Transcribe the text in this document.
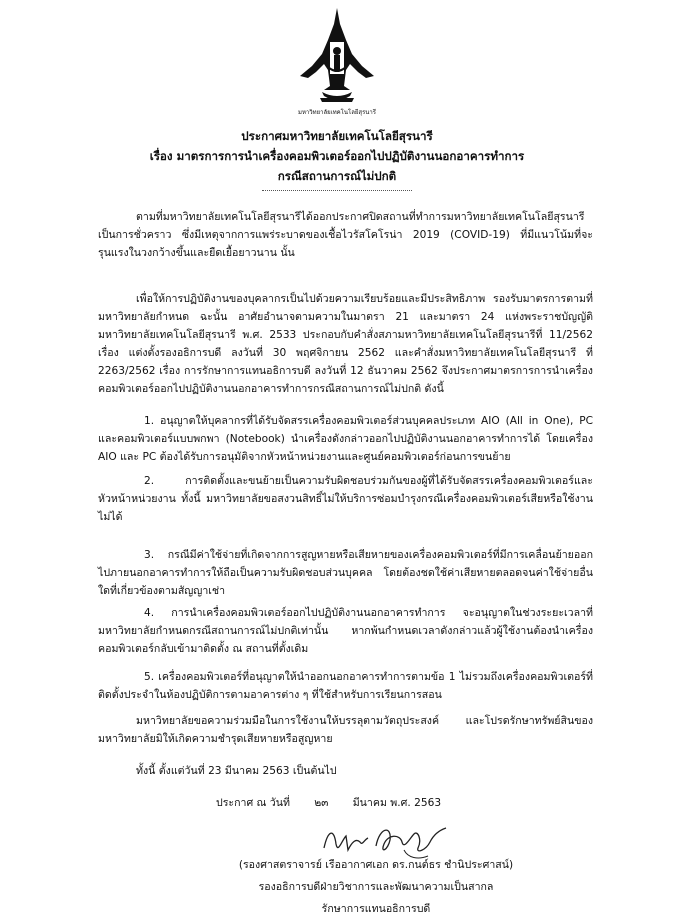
มหาวิทยาลัยเทคโนโลยีสุรนารี
ประกาศมหาวิทยาลัยเทคโนโลยีสุรนารี
เรื่อง มาตรการการนำเครื่องคอมพิวเตอร์ออกไปปฏิบัติงานนอกอาคารทำการ
กรณีสถานการณ์ไม่ปกติ

ตามที่มหาวิทยาลัยเทคโนโลยีสุรนารีได้ออกประกาศปิดสถานที่ทำการมหาวิทยาลัยเทคโนโลยีสุรนารีเป็นการชั่วคราว ซึ่งมีเหตุจากการแพร่ระบาดของเชื้อไวรัสโคโรน่า 2019 (COVID-19) ที่มีแนวโน้มที่จะรุนแรงในวงกว้างขึ้นและยืดเยื้อยาวนาน นั้น

เพื่อให้การปฏิบัติงานของบุคลากรเป็นไปด้วยความเรียบร้อยและมีประสิทธิภาพ รองรับมาตรการตามที่มหาวิทยาลัยกำหนด ฉะนั้น อาศัยอำนาจตามความในมาตรา 21 และมาตรา 24 แห่งพระราชบัญญัติมหาวิทยาลัยเทคโนโลยีสุรนารี พ.ศ. 2533 ประกอบกับคำสั่งสภามหาวิทยาลัยเทคโนโลยีสุรนารีที่ 11/2562 เรื่อง แต่งตั้งรองอธิการบดี ลงวันที่ 30 พฤศจิกายน 2562 และคำสั่งมหาวิทยาลัยเทคโนโลยีสุรนารี ที่ 2263/2562 เรื่อง การรักษาการแทนอธิการบดี ลงวันที่ 12 ธันวาคม 2562 จึงประกาศมาตรการการนำเครื่องคอมพิวเตอร์ออกไปปฏิบัติงานนอกอาคารทำการกรณีสถานการณ์ไม่ปกติ ดังนี้

1. อนุญาตให้บุคลากรที่ได้รับจัดสรรเครื่องคอมพิวเตอร์ส่วนบุคคลประเภท AIO (All in One), PC และคอมพิวเตอร์แบบพกพา (Notebook) นำเครื่องดังกล่าวออกไปปฏิบัติงานนอกอาคารทำการได้ โดยเครื่อง AIO และ PC ต้องได้รับการอนุมัติจากหัวหน้าหน่วยงานและศูนย์คอมพิวเตอร์ก่อนการขนย้าย

2. การติดตั้งและขนย้ายเป็นความรับผิดชอบร่วมกันของผู้ที่ได้รับจัดสรรเครื่องคอมพิวเตอร์และหัวหน้าหน่วยงาน ทั้งนี้ มหาวิทยาลัยขอสงวนสิทธิ์ไม่ให้บริการซ่อมบำรุงกรณีเครื่องคอมพิวเตอร์เสียหรือใช้งานไม่ได้

3. กรณีมีค่าใช้จ่ายที่เกิดจากการสูญหายหรือเสียหายของเครื่องคอมพิวเตอร์ที่มีการเคลื่อนย้ายออกไปภายนอกอาคารทำการให้ถือเป็นความรับผิดชอบส่วนบุคคล โดยต้องชดใช้ค่าเสียหายตลอดจนค่าใช้จ่ายอื่นใดที่เกี่ยวข้องตามสัญญาเช่า

4. การนำเครื่องคอมพิวเตอร์ออกไปปฏิบัติงานนอกอาคารทำการ จะอนุญาตในช่วงระยะเวลาที่มหาวิทยาลัยกำหนดกรณีสถานการณ์ไม่ปกติเท่านั้น หากพ้นกำหนดเวลาดังกล่าวแล้วผู้ใช้งานต้องนำเครื่องคอมพิวเตอร์กลับเข้ามาติดตั้ง ณ สถานที่ตั้งเดิม

5. เครื่องคอมพิวเตอร์ที่อนุญาตให้นำออกนอกอาคารทำการตามข้อ 1 ไม่รวมถึงเครื่องคอมพิวเตอร์ที่ติดตั้งประจำในห้องปฏิบัติการตามอาคารต่าง ๆ ที่ใช้สำหรับการเรียนการสอน

มหาวิทยาลัยขอความร่วมมือในการใช้งานให้บรรลุตามวัตถุประสงค์ และโปรดรักษาทรัพย์สินของมหาวิทยาลัยมิให้เกิดความชำรุดเสียหายหรือสูญหาย

ทั้งนี้ ตั้งแต่วันที่ 23 มีนาคม 2563 เป็นต้นไป
ประกาศ ณ วันที่ ๒๓ มีนาคม พ.ศ. 2563
(รองศาสตราจารย์ เรืออากาศเอก ดร.กนต์ธร ชำนิประศาสน์)
รองอธิการบดีฝ่ายวิชาการและพัฒนาความเป็นสากล
รักษาการแทนอธิการบดี
